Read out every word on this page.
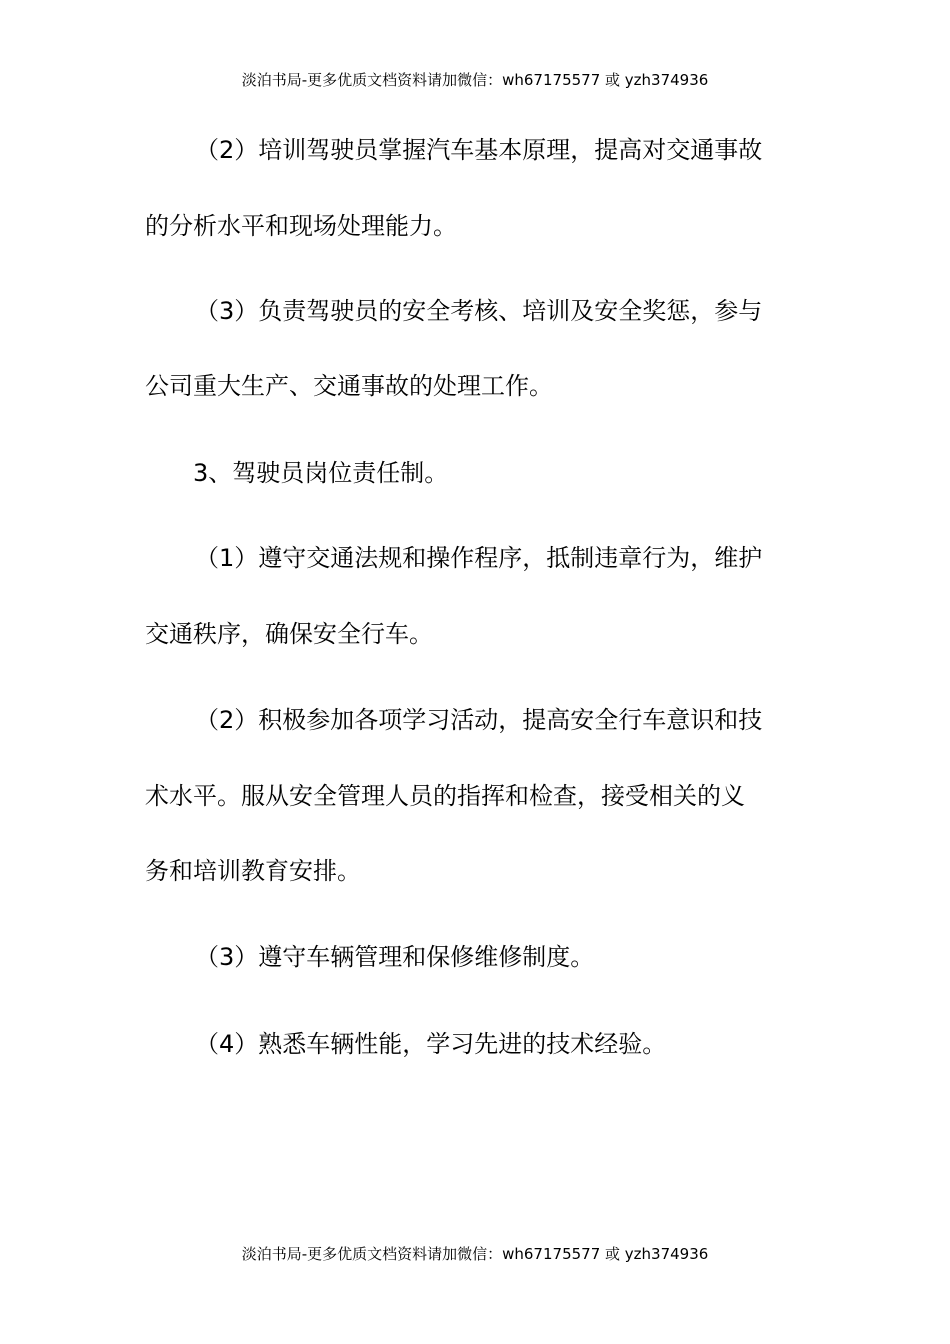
淡泊书局-更多优质文档资料请加微信：wh67175577 或 yzh374936
（2）培训驾驶员掌握汽车基本原理，提高对交通事故
的分析水平和现场处理能力。
（3）负责驾驶员的安全考核、培训及安全奖惩，参与
公司重大生产、交通事故的处理工作。
3、驾驶员岗位责任制。
（1）遵守交通法规和操作程序，抵制违章行为，维护
交通秩序，确保安全行车。
（2）积极参加各项学习活动，提高安全行车意识和技
术水平。服从安全管理人员的指挥和检查，接受相关的义
务和培训教育安排。
（3）遵守车辆管理和保修维修制度。
（4）熟悉车辆性能，学习先进的技术经验。
淡泊书局-更多优质文档资料请加微信：wh67175577 或 yzh374936
